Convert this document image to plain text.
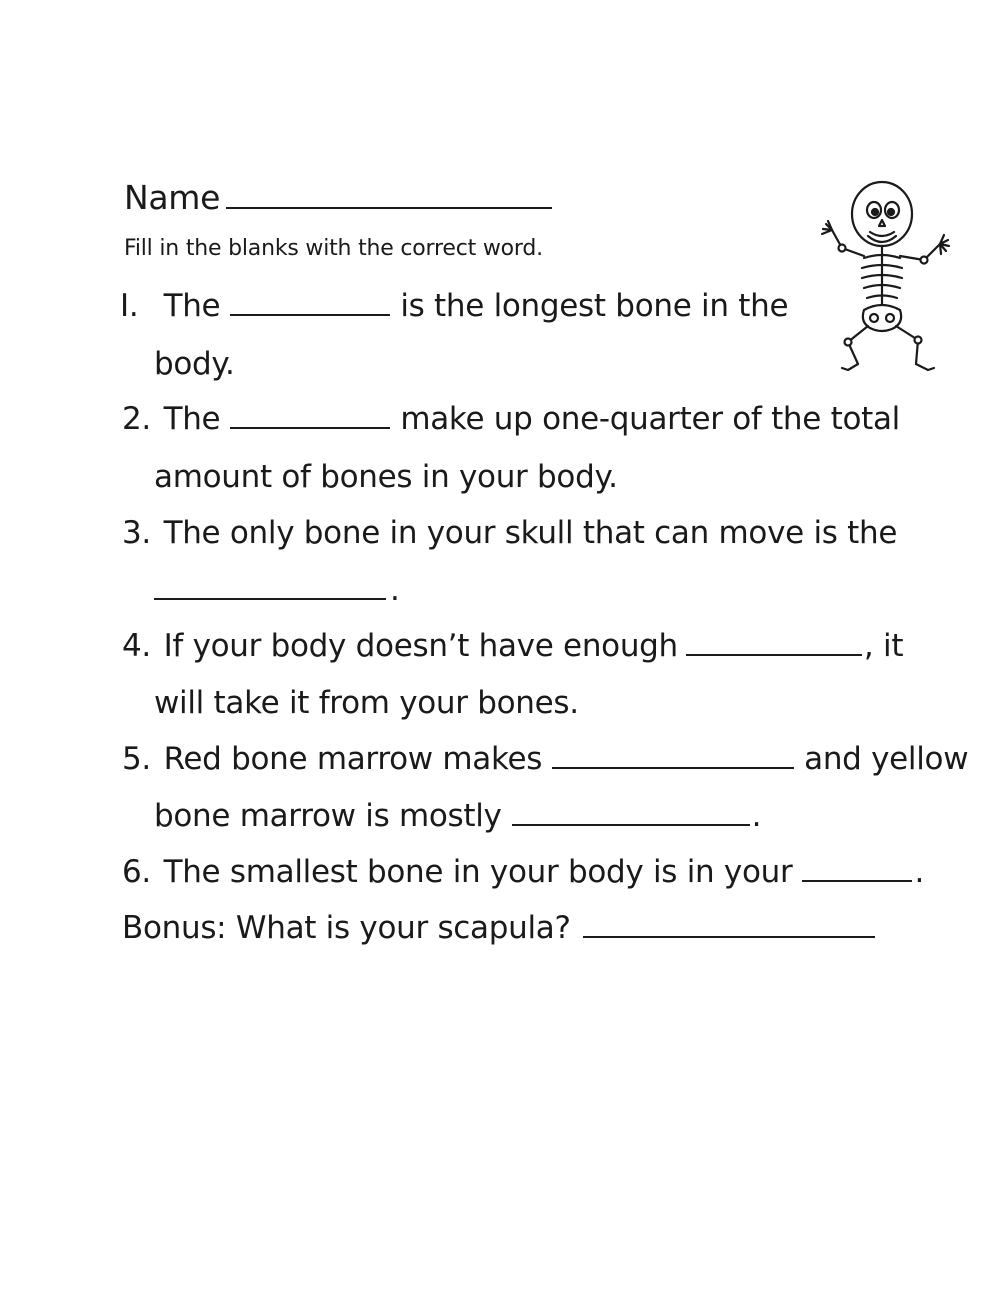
Name
Fill in the blanks with the correct word.
I. The	is the longest bone in the
body.
2. The	make up one-quarter of the total
amount of bones in your body.
3. The only bone in your skull that can move is the
.
4. If your body doesn’t have enough	, it
will take it from your bones.
5. Red bone marrow makes	and yellow
bone marrow is mostly	.
6. The smallest bone in your body is in your	.
Bonus: What is your scapula?
